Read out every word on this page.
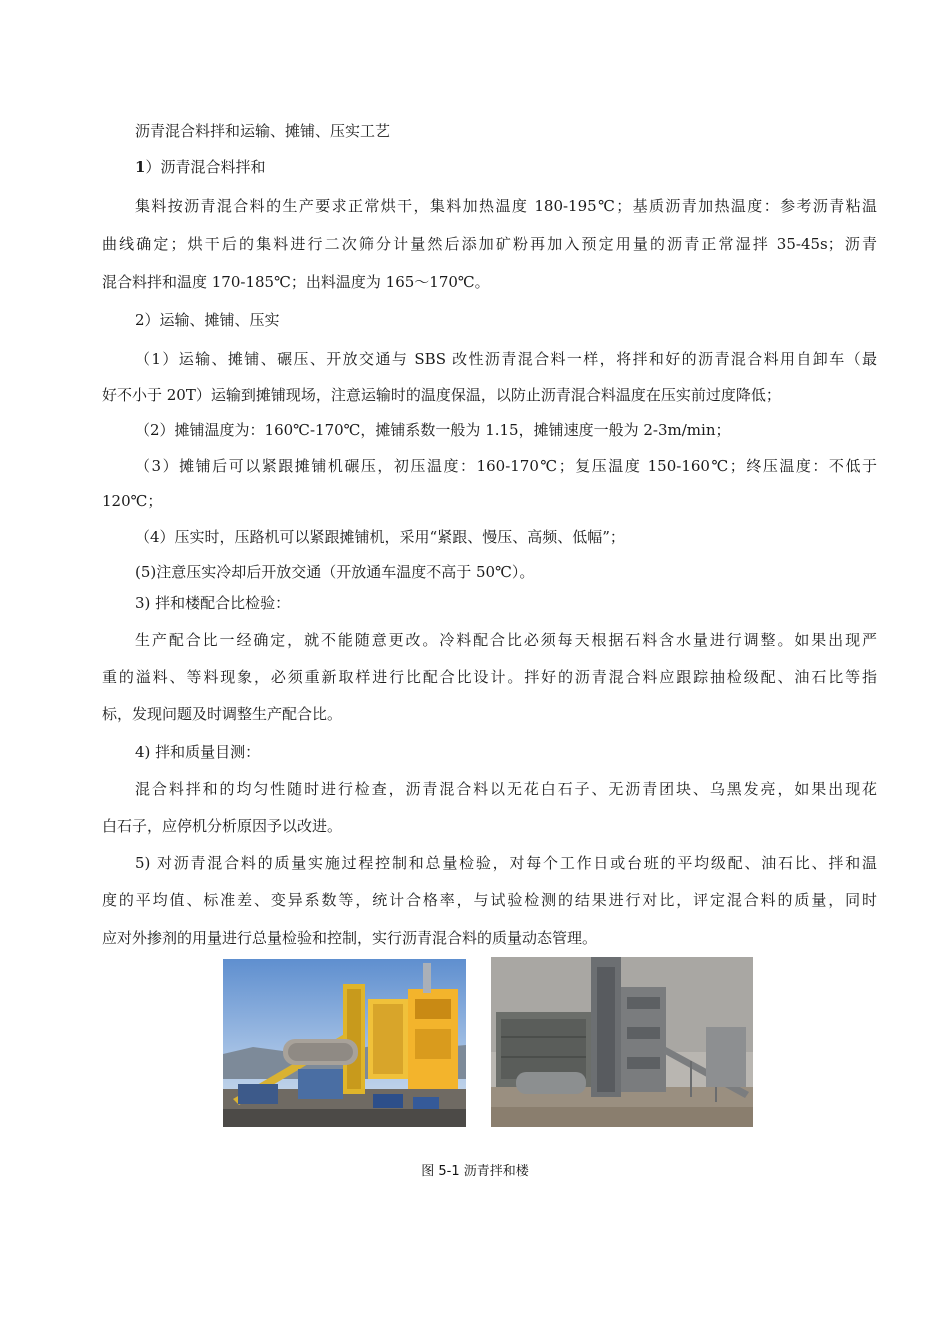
沥青混合料拌和运输、摊铺、压实工艺
1）沥青混合料拌和
集料按沥青混合料的生产要求正常烘干，集料加热温度 180-195℃；基质沥青加热温度：参考沥青粘温
曲线确定；烘干后的集料进行二次筛分计量然后添加矿粉再加入预定用量的沥青正常湿拌 35-45s；沥青
混合料拌和温度 170-185℃；出料温度为 165～170℃。
2）运输、摊铺、压实
（1）运输、摊铺、碾压、开放交通与 SBS 改性沥青混合料一样，将拌和好的沥青混合料用自卸车（最
好不小于 20T）运输到摊铺现场，注意运输时的温度保温，以防止沥青混合料温度在压实前过度降低；
（2）摊铺温度为：160℃-170℃，摊铺系数一般为 1.15，摊铺速度一般为 2-3m/min；
（3）摊铺后可以紧跟摊铺机碾压，初压温度：160-170℃；复压温度 150-160℃；终压温度：不低于
120℃；
（4）压实时，压路机可以紧跟摊铺机，采用“紧跟、慢压、高频、低幅”；
(5)注意压实冷却后开放交通（开放通车温度不高于 50℃）。
3) 拌和楼配合比检验：
生产配合比一经确定，就不能随意更改。冷料配合比必须每天根据石料含水量进行调整。如果出现严
重的溢料、等料现象，必须重新取样进行比配合比设计。拌好的沥青混合料应跟踪抽检级配、油石比等指
标，发现问题及时调整生产配合比。
4) 拌和质量目测：
混合料拌和的均匀性随时进行检查，沥青混合料以无花白石子、无沥青团块、乌黑发亮，如果出现花
白石子，应停机分析原因予以改进。
5) 对沥青混合料的质量实施过程控制和总量检验，对每个工作日或台班的平均级配、油石比、拌和温
度的平均值、标准差、变异系数等，统计合格率，与试验检测的结果进行对比，评定混合料的质量，同时
应对外掺剂的用量进行总量检验和控制，实行沥青混合料的质量动态管理。
图 5-1 沥青拌和楼
